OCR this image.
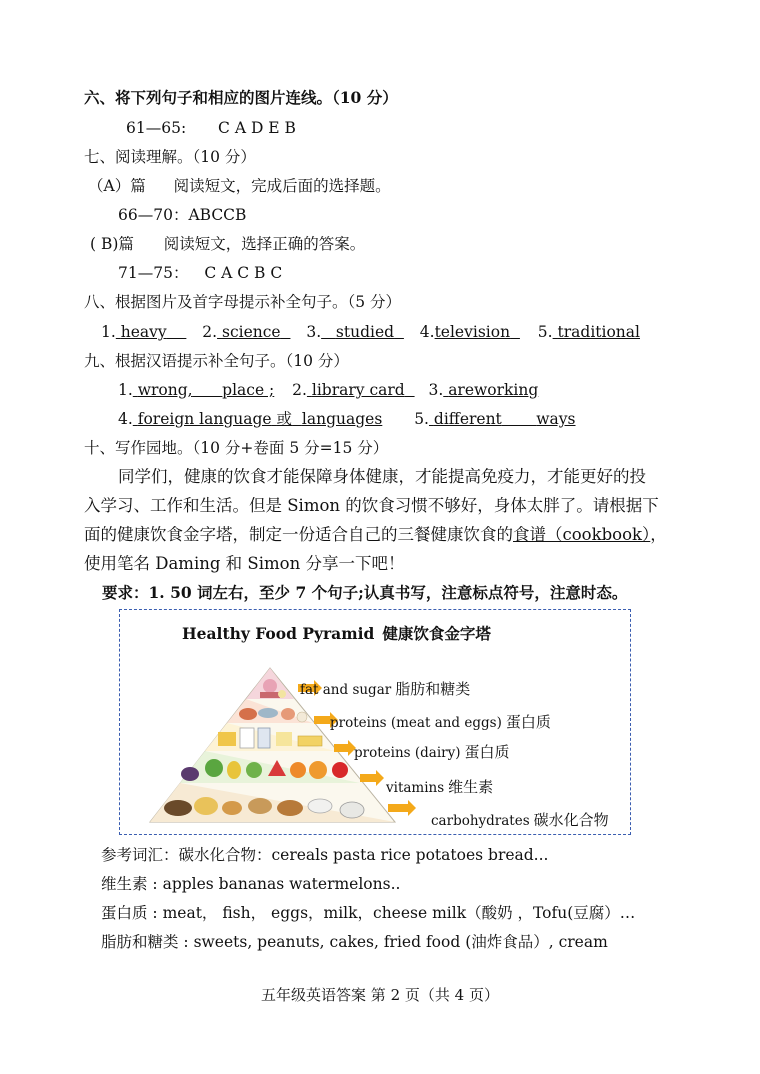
六、将下列句子和相应的图片连线。（10 分）
61—65: C A D E B
七、阅读理解。（10 分）
（A）篇 阅读短文，完成后面的选择题。
66—70：ABCCB
( B)篇 阅读短文，选择正确的答案。
71—75： C A C B C
八、根据图片及首字母提示补全句子。（5 分）
1. heavy 2. science 3. studied 4.television 5. traditional
九、根据汉语提示补全句子。（10 分）
1. wrong, place ; 2. library card 3. areworking
4. foreign language 或 languages 5. different ways
十、写作园地。（10 分+卷面 5 分=15 分）
同学们，健康的饮食才能保障身体健康，才能提高免疫力，才能更好的投
入学习、工作和生活。但是 Simon 的饮食习惯不够好，身体太胖了。请根据下
面的健康饮食金字塔，制定一份适合自己的三餐健康饮食的食谱（cookbook），
使用笔名 Daming 和 Simon 分享一下吧！
要求：1. 50 词左右，至少 7 个句子;认真书写，注意标点符号，注意时态。
Healthy Food Pyramid 健康饮食金字塔
fat and sugar 脂肪和糖类
proteins (meat and eggs) 蛋白质
proteins (dairy) 蛋白质
vitamins 维生素
carbohydrates 碳水化合物
参考词汇：碳水化合物：cereals pasta rice potatoes bread...
维生素 : apples bananas watermelons..
蛋白质 : meat， fish， eggs，milk，cheese milk（酸奶 ，Tofu(豆腐）…
脂肪和糖类 : sweets, peanuts, cakes, fried food (油炸食品）, cream
五年级英语答案 第 2 页（共 4 页）
